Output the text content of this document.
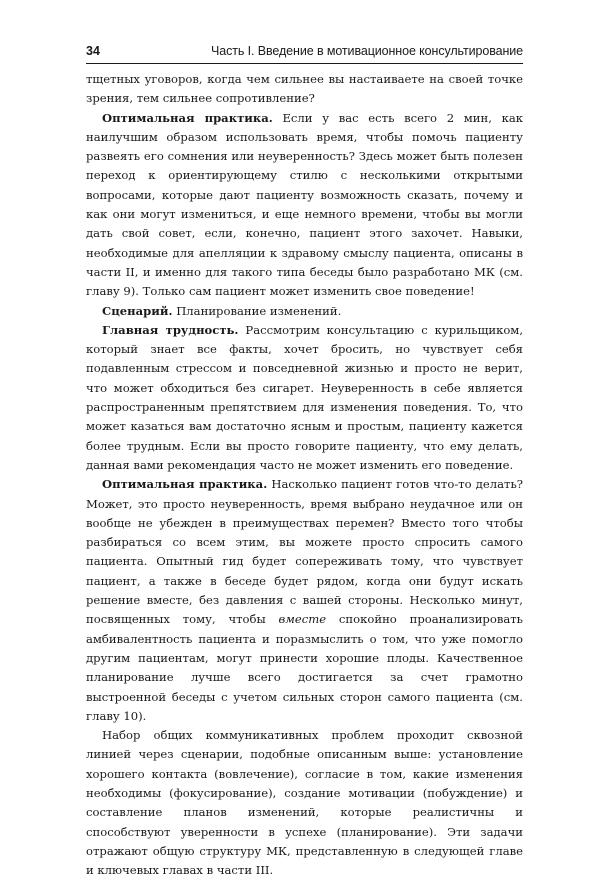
34	Часть I. Введение в мотивационное консультирование

тщетных уговоров, когда чем сильнее вы настаиваете на своей точке зрения, тем сильнее сопротивление?

Оптимальная практика. Если у вас есть всего 2 мин, как наилучшим образом использовать время, чтобы помочь пациенту развеять его сомнения или неуверенность? Здесь может быть полезен переход к ориентирующему стилю с несколькими открытыми вопросами, которые дают пациенту возможность сказать, почему и как они могут измениться, и еще немного времени, чтобы вы могли дать свой совет, если, конечно, пациент этого захочет. Навыки, необходимые для апелляции к здравому смыслу пациента, описаны в части II, и именно для такого типа беседы было разработано МК (см. главу 9). Только сам пациент может изменить свое поведение!

Сценарий. Планирование изменений.

Главная трудность. Рассмотрим консультацию с курильщиком, который знает все факты, хочет бросить, но чувствует себя подавленным стрессом и повседневной жизнью и просто не верит, что может обходиться без сигарет. Неуверенность в себе является распространенным препятствием для изменения поведения. То, что может казаться вам достаточно ясным и простым, пациенту кажется более трудным. Если вы просто говорите пациенту, что ему делать, данная вами рекомендация часто не может изменить его поведение.

Оптимальная практика. Насколько пациент готов что-то делать? Может, это просто неуверенность, время выбрано неудачное или он вообще не убежден в преимуществах перемен? Вместо того чтобы разбираться со всем этим, вы можете просто спросить самого пациента. Опытный гид будет сопереживать тому, что чувствует пациент, а также в беседе будет рядом, когда они будут искать решение вместе, без давления с вашей стороны. Несколько минут, посвященных тому, чтобы вместе спокойно проанализировать амбивалентность пациента и поразмыслить о том, что уже помогло другим пациентам, могут принести хорошие плоды. Качественное планирование лучше всего достигается за счет грамотно выстроенной беседы с учетом сильных сторон самого пациента (см. главу 10).

Набор общих коммуникативных проблем проходит сквозной линией через сценарии, подобные описанным выше: установление хорошего контакта (вовлечение), согласие в том, какие изменения необходимы (фокусирование), создание мотивации (побуждение) и составление планов изменений, которые реалистичны и способствуют уверенности в успехе (планирование). Эти задачи отражают общую структуру МК, представленную в следующей главе и ключевых главах в части III.
